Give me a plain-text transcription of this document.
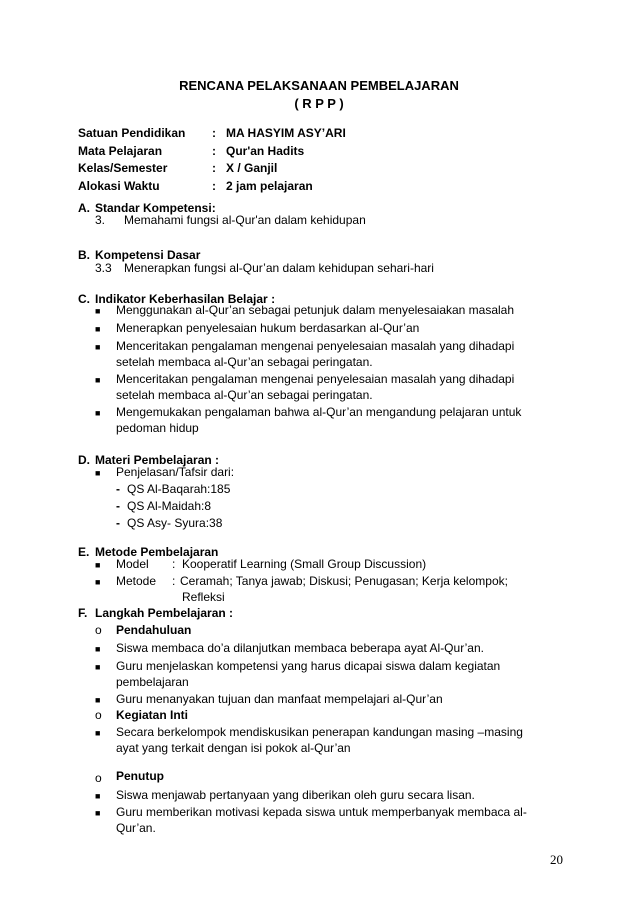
RENCANA PELAKSANAAN PEMBELAJARAN
( R P P )
Satuan Pendidikan	: MA HASYIM ASY’ARI
Mata Pelajaran	: Qur'an Hadits
Kelas/Semester	: X / Ganjil
Alokasi Waktu	: 2 jam pelajaran
A. Standar Kompetensi:
3. Memahami fungsi al-Qur'an dalam kehidupan
B. Kompetensi Dasar
3.3 Menerapkan fungsi al-Qur’an dalam kehidupan sehari-hari
C. Indikator Keberhasilan Belajar :
■ Menggunakan al-Qur’an sebagai petunjuk dalam menyelesaiakan masalah
■ Menerapkan penyelesaian hukum berdasarkan al-Qur’an
■ Menceritakan pengalaman mengenai penyelesaian masalah yang dihadapi
setelah membaca al-Qur’an sebagai peringatan.
■ Menceritakan pengalaman mengenai penyelesaian masalah yang dihadapi
setelah membaca al-Qur’an sebagai peringatan.
■ Mengemukakan pengalaman bahwa al-Qur’an mengandung pelajaran untuk
pedoman hidup
D. Materi Pembelajaran :
■ Penjelasan/Tafsir dari:
- QS Al-Baqarah:185
- QS Al-Maidah:8
- QS Asy- Syura:38
E. Metode Pembelajaran
■ Model : Kooperatif Learning (Small Group Discussion)
■ Metode : Ceramah; Tanya jawab; Diskusi; Penugasan; Kerja kelompok;
Refleksi
F. Langkah Pembelajaran :
o Pendahuluan
■ Siswa membaca do’a dilanjutkan membaca beberapa ayat Al-Qur’an.
■ Guru menjelaskan kompetensi yang harus dicapai siswa dalam kegiatan
pembelajaran
■ Guru menanyakan tujuan dan manfaat mempelajari al-Qur’an
o Kegiatan Inti
■ Secara berkelompok mendiskusikan penerapan kandungan masing –masing
ayat yang terkait dengan isi pokok al-Qur’an
o Penutup
■ Siswa menjawab pertanyaan yang diberikan oleh guru secara lisan.
■ Guru memberikan motivasi kepada siswa untuk memperbanyak membaca al-
Qur’an.
20
